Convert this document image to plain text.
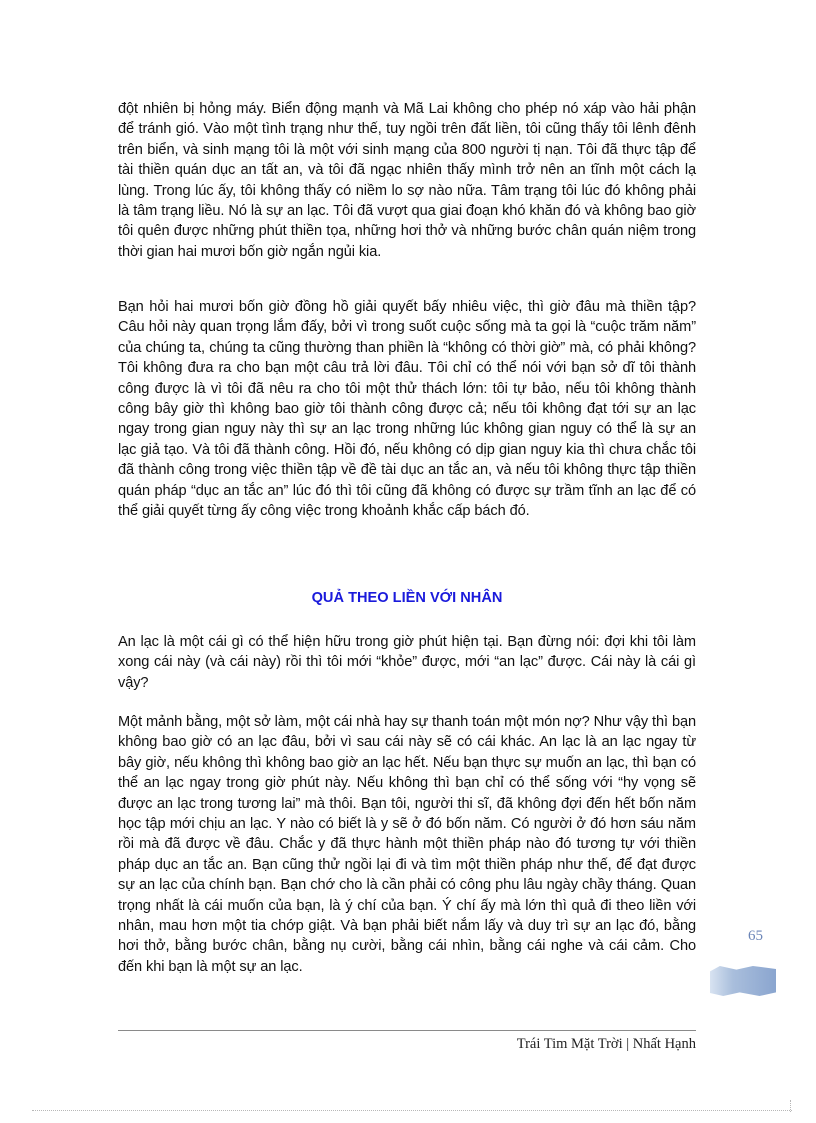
đột nhiên bị hỏng máy. Biển động mạnh và Mã Lai không cho phép nó xáp vào hải phận để tránh gió. Vào một tình trạng như thế, tuy ngồi trên đất liền, tôi cũng thấy tôi lênh đênh trên biển, và sinh mạng tôi là một với sinh mạng của 800 người tị nạn. Tôi đã thực tập để tài thiền quán dục an tất an, và tôi đã ngạc nhiên thấy mình trở nên an tĩnh một cách lạ lùng. Trong lúc ấy, tôi không thấy có niềm lo sợ nào nữa. Tâm trạng tôi lúc đó không phải là tâm trạng liều. Nó là sự an lạc. Tôi đã vượt qua giai đoạn khó khăn đó và không bao giờ tôi quên được những phút thiền tọa, những hơi thở và những bước chân quán niệm trong thời gian hai mươi bốn giờ ngắn ngủi kia.
Bạn hỏi hai mươi bốn giờ đồng hồ giải quyết bấy nhiêu việc, thì giờ đâu mà thiền tập? Câu hỏi này quan trọng lắm đấy, bởi vì trong suốt cuộc sống mà ta gọi là “cuộc trăm năm” của chúng ta, chúng ta cũng thường than phiền là “không có thời giờ” mà, có phải không? Tôi không đưa ra cho bạn một câu trả lời đâu. Tôi chỉ có thể nói với bạn sở dĩ tôi thành công được là vì tôi đã nêu ra cho tôi một thử thách lớn: tôi tự bảo, nếu tôi không thành công bây giờ thì không bao giờ tôi thành công được cả; nếu tôi không đạt tới sự an lạc ngay trong gian nguy này thì sự an lạc trong những lúc không gian nguy có thể là sự an lạc giả tạo. Và tôi đã thành công. Hồi đó, nếu không có dịp gian nguy kia thì chưa chắc tôi đã thành công trong việc thiền tập về đề tài dục an tắc an, và nếu tôi không thực tập thiền quán pháp “dục an tắc an” lúc đó thì tôi cũng đã không có được sự trầm tĩnh an lạc để có thể giải quyết từng ấy công việc trong khoảnh khắc cấp bách đó.
QUẢ THEO LIỀN VỚI NHÂN
An lạc là một cái gì có thể hiện hữu trong giờ phút hiện tại. Bạn đừng nói: đợi khi tôi làm xong cái này (và cái này) rồi thì tôi mới “khỏe” được, mới “an lạc” được. Cái này là cái gì vậy?
Một mảnh bằng, một sở làm, một cái nhà hay sự thanh toán một món nợ? Như vậy thì bạn không bao giờ có an lạc đâu, bởi vì sau cái này sẽ có cái khác. An lạc là an lạc ngay từ bây giờ, nếu không thì không bao giờ an lạc hết. Nếu bạn thực sự muốn an lạc, thì bạn có thể an lạc ngay trong giờ phút này. Nếu không thì bạn chỉ có thể sống với “hy vọng sẽ được an lạc trong tương lai” mà thôi. Bạn tôi, người thi sĩ, đã không đợi đến hết bốn năm học tập mới chịu an lạc. Y nào có biết là y sẽ ở đó bốn năm. Có người ở đó hơn sáu năm rồi mà đã được về đâu. Chắc y đã thực hành một thiền pháp nào đó tương tự với thiền pháp dục an tắc an. Bạn cũng thử ngồi lại đi và tìm một thiền pháp như thế, để đạt được sự an lạc của chính bạn. Bạn chớ cho là cần phải có công phu lâu ngày chầy tháng. Quan trọng nhất là cái muốn của bạn, là ý chí của bạn. Ý chí ấy mà lớn thì quả đi theo liền với nhân, mau hơn một tia chớp giật. Và bạn phải biết nắm lấy và duy trì sự an lạc đó, bằng hơi thở, bằng bước chân, bằng nụ cười, bằng cái nhìn, bằng cái nghe và cái cảm. Cho đến khi bạn là một sự an lạc.
65
Trái Tim Mặt Trời | Nhất Hạnh
